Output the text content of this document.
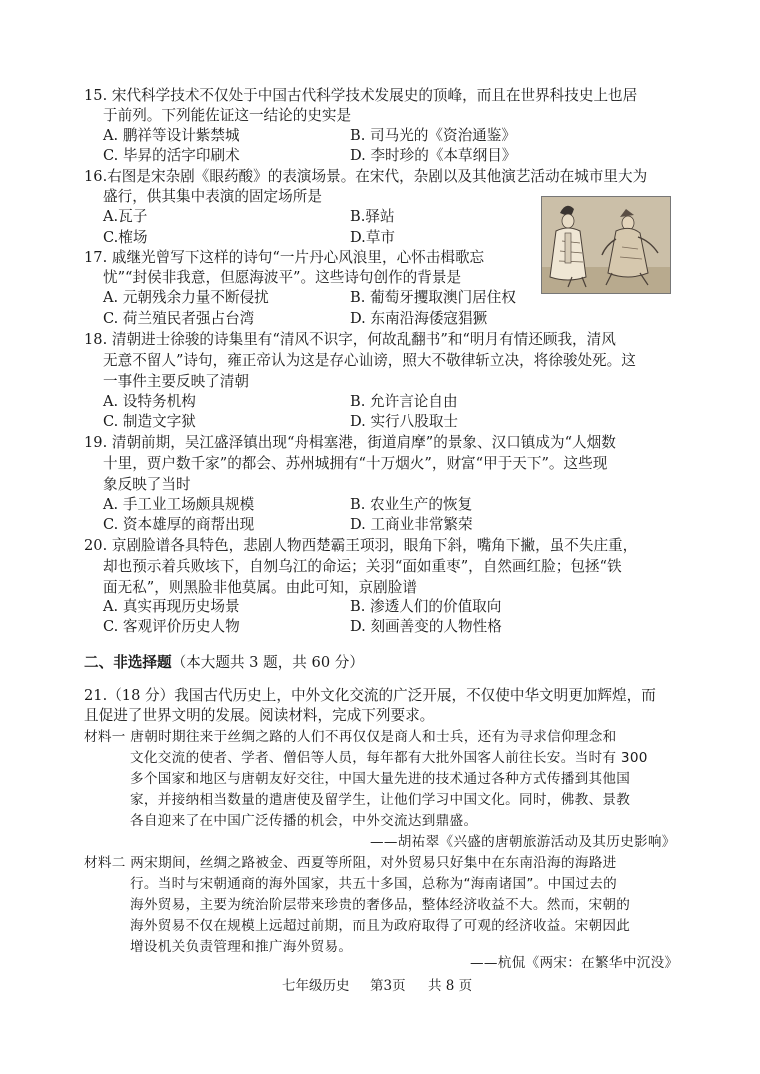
15. 宋代科学技术不仅处于中国古代科学技术发展史的顶峰，而且在世界科技史上也居
于前列。下列能佐证这一结论的史实是
A. 鹏祥等设计紫禁城	B. 司马光的《资治通鉴》
C. 毕昇的活字印刷术	D. 李时珍的《本草纲目》
16.右图是宋杂剧《眼药酸》的表演场景。在宋代，杂剧以及其他演艺活动在城市里大为
盛行，供其集中表演的固定场所是
A.瓦子	B.驿站
C.榷场	D.草市
17. 戚继光曾写下这样的诗句“一片丹心风浪里，心怀击楫歌忘
忧”“封侯非我意，但愿海波平”。这些诗句创作的背景是
A. 元朝残余力量不断侵扰	B. 葡萄牙攫取澳门居住权
C. 荷兰殖民者强占台湾	D. 东南沿海倭寇猖獗
18. 清朝进士徐骏的诗集里有“清风不识字，何故乱翻书”和“明月有情还顾我，清风
无意不留人”诗句，雍正帝认为这是存心讪谤，照大不敬律斩立决，将徐骏处死。这
一事件主要反映了清朝
A. 设特务机构	B. 允许言论自由
C. 制造文字狱	D. 实行八股取士
19. 清朝前期，吴江盛泽镇出现“舟楫塞港，街道肩摩”的景象、汉口镇成为“人烟数
十里，贾户数千家”的都会、苏州城拥有“十万烟火”，财富“甲于天下”。这些现
象反映了当时
A. 手工业工场颇具规模	B. 农业生产的恢复
C. 资本雄厚的商帮出现	D. 工商业非常繁荣
20. 京剧脸谱各具特色，悲剧人物西楚霸王项羽，眼角下斜，嘴角下撇，虽不失庄重，
却也预示着兵败垓下，自刎乌江的命运；关羽“面如重枣”，自然画红脸；包拯“铁
面无私”，则黑脸非他莫属。由此可知，京剧脸谱
A. 真实再现历史场景	B. 渗透人们的价值取向
C. 客观评价历史人物	D. 刻画善变的人物性格
二、非选择题（本大题共 3 题，共 60 分）
21.（18 分）我国古代历史上，中外文化交流的广泛开展，不仅使中华文明更加辉煌，而
且促进了世界文明的发展。阅读材料，完成下列要求。
材料一 唐朝时期往来于丝绸之路的人们不再仅仅是商人和士兵，还有为寻求信仰理念和
文化交流的使者、学者、僧侣等人员，每年都有大批外国客人前往长安。当时有 300
多个国家和地区与唐朝友好交往，中国大量先进的技术通过各种方式传播到其他国
家，并接纳相当数量的遣唐使及留学生，让他们学习中国文化。同时，佛教、景教
各自迎来了在中国广泛传播的机会，中外交流达到鼎盛。
——胡祐翠《兴盛的唐朝旅游活动及其历史影响》
材料二 两宋期间，丝绸之路被金、西夏等所阻，对外贸易只好集中在东南沿海的海路进
行。当时与宋朝通商的海外国家，共五十多国，总称为“海南诸国”。中国过去的
海外贸易，主要为统治阶层带来珍贵的奢侈品，整体经济收益不大。然而，宋朝的
海外贸易不仅在规模上远超过前期，而且为政府取得了可观的经济收益。宋朝因此
增设机关负责管理和推广海外贸易。
——杭侃《两宋：在繁华中沉没》
七年级历史 第3页 共 8 页
